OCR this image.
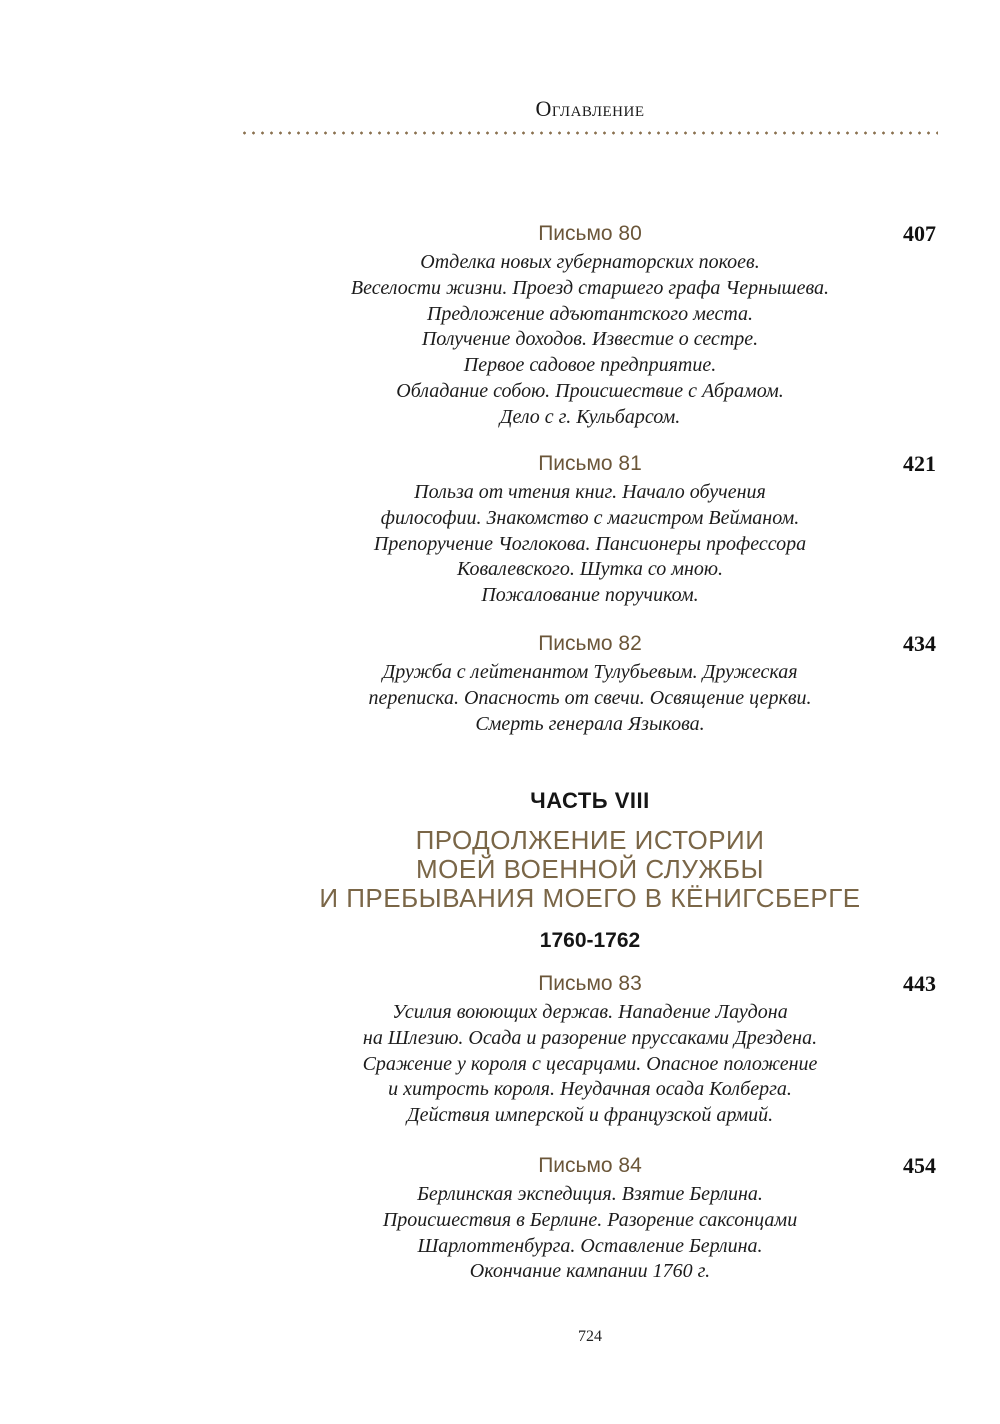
Оглавление
Письмо 80	407
Отделка новых губернаторских покоев.
Веселости жизни. Проезд старшего графа Чернышева.
Предложение адъютантского места.
Получение доходов. Известие о сестре.
Первое садовое предприятие.
Обладание собою. Происшествие с Абрамом.
Дело с г. Кульбарсом.
Письмо 81	421
Польза от чтения книг. Начало обучения
философии. Знакомство с магистром Вейманом.
Препоручение Чоглокова. Пансионеры профессора
Ковалевского. Шутка со мною.
Пожалование поручиком.
Письмо 82	434
Дружба с лейтенантом Тулубьевым. Дружеская
переписка. Опасность от свечи. Освящение церкви.
Смерть генерала Языкова.
ЧАСТЬ VIII
ПРОДОЛЖЕНИЕ ИСТОРИИ
МОЕЙ ВОЕННОЙ СЛУЖБЫ
И ПРЕБЫВАНИЯ МОЕГО В КЁНИГСБЕРГЕ
1760-1762
Письмо 83	443
Усилия воюющих держав. Нападение Лаудона
на Шлезию. Осада и разорение пруссаками Дрездена.
Сражение у короля с цесарцами. Опасное положение
и хитрость короля. Неудачная осада Колберга.
Действия имперской и французской армий.
Письмо 84	454
Берлинская экспедиция. Взятие Берлина.
Происшествия в Берлине. Разорение саксонцами
Шарлоттенбурга. Оставление Берлина.
Окончание кампании 1760 г.
724
